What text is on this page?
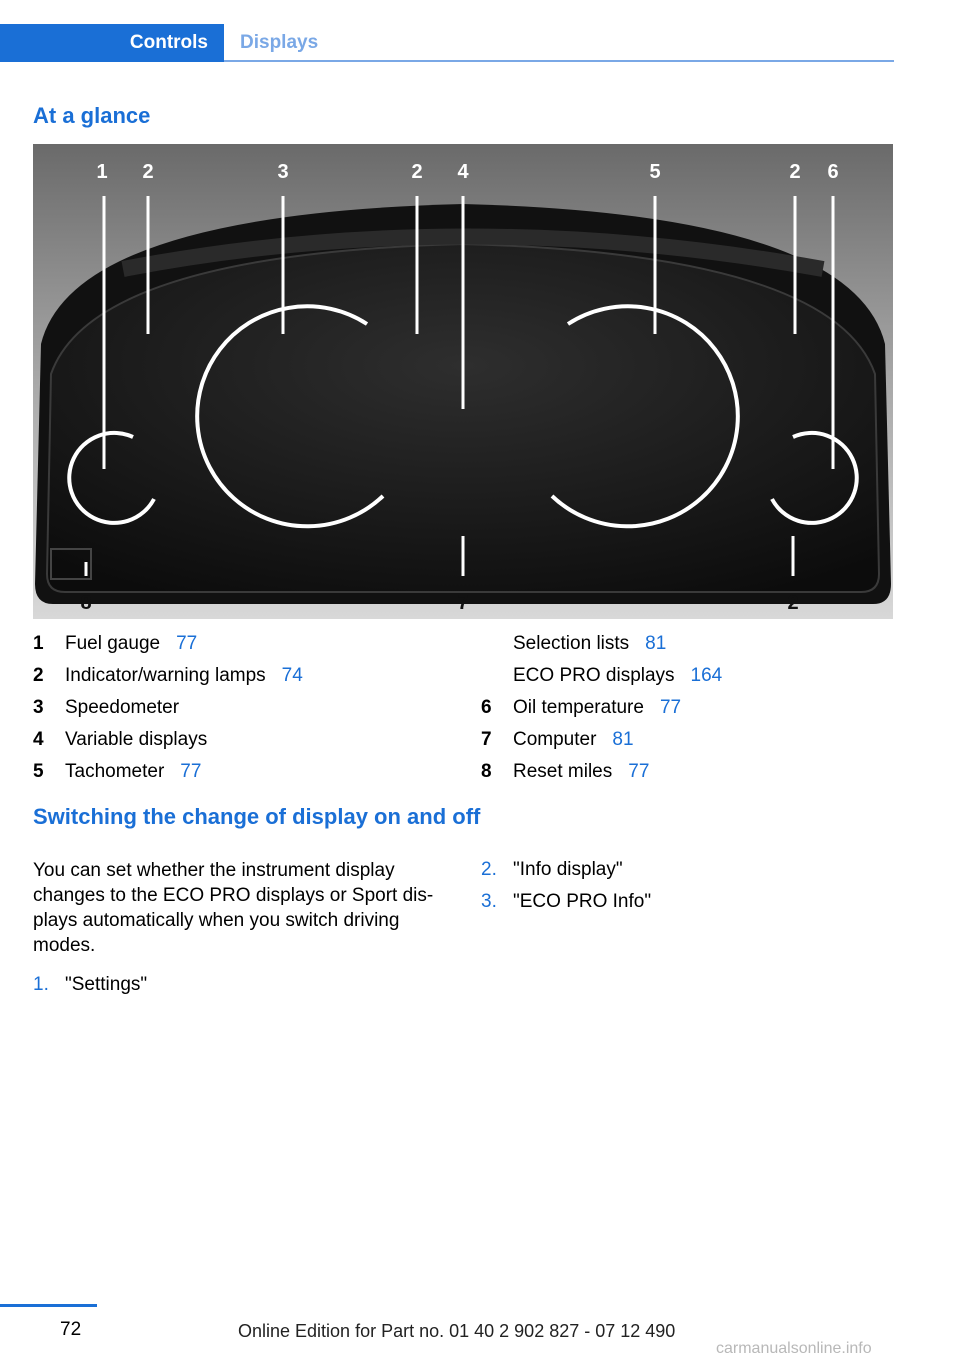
Controls Displays
At a glance
1 2	3	2 4	5	2 6
8	7	2
1	Fuel gauge 77
2	Indicator/warning lamps 74
3	Speedometer
4	Variable displays
5	Tachometer 77
Selection lists 81
ECO PRO displays 164
6	Oil temperature 77
7	Computer 81
8	Reset miles 77
Switching the change of display on and off
You can set whether the instrument display
changes to the ECO PRO displays or Sport dis‐
plays automatically when you switch driving
modes.
1. "Settings"
2. "Info display"
3. "ECO PRO Info"
72	Online Edition for Part no. 01 40 2 902 827 - 07 12 490
carmanualsonline.info
